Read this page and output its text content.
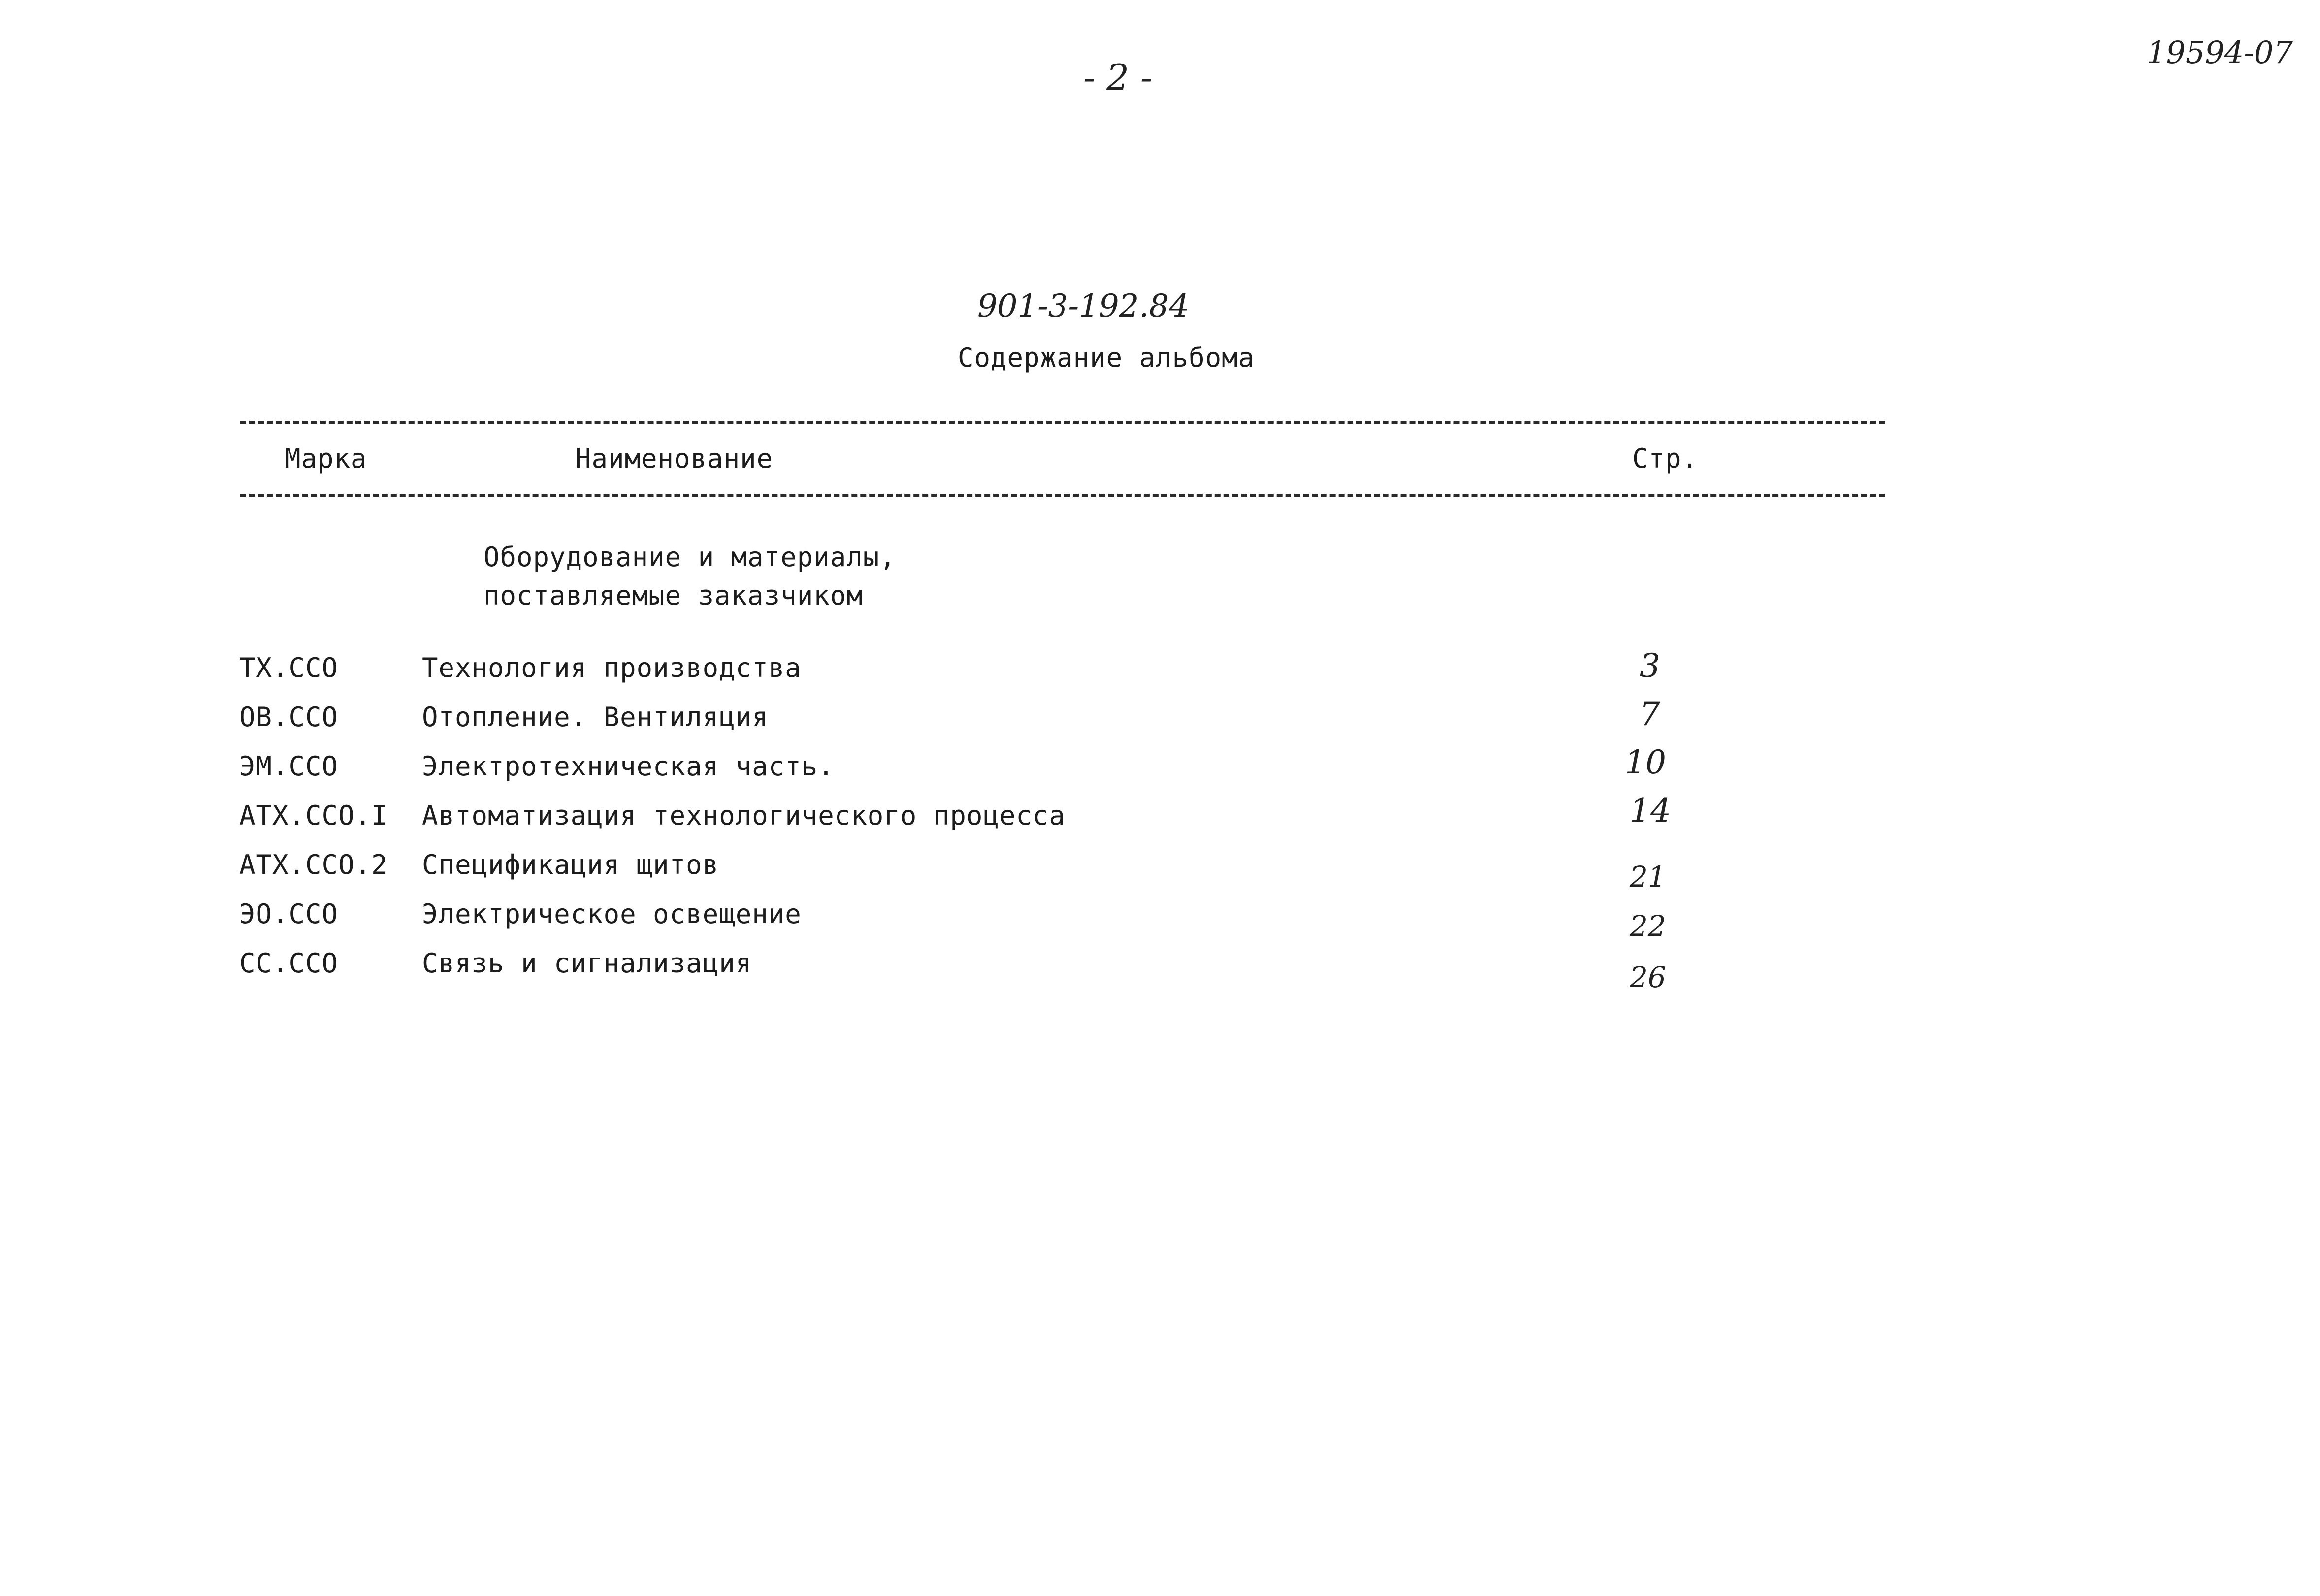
- 2 -
19594-07
901-3-192.84
Содержание альбома
Марка	Наименование	Стр.
Оборудование и материалы,
поставляемые заказчиком
ТХ.ССО	Технология производства	3
ОВ.ССО	Отопление. Вентиляция	7
ЭМ.ССО	Электротехническая часть.	10
АТХ.ССО.I Автоматизация технологического процесса	14
АТХ.ССО.2 Спецификация щитов	21
ЭО.ССО	Электрическое освещение	22
СС.ССО	Связь и сигнализация	26
